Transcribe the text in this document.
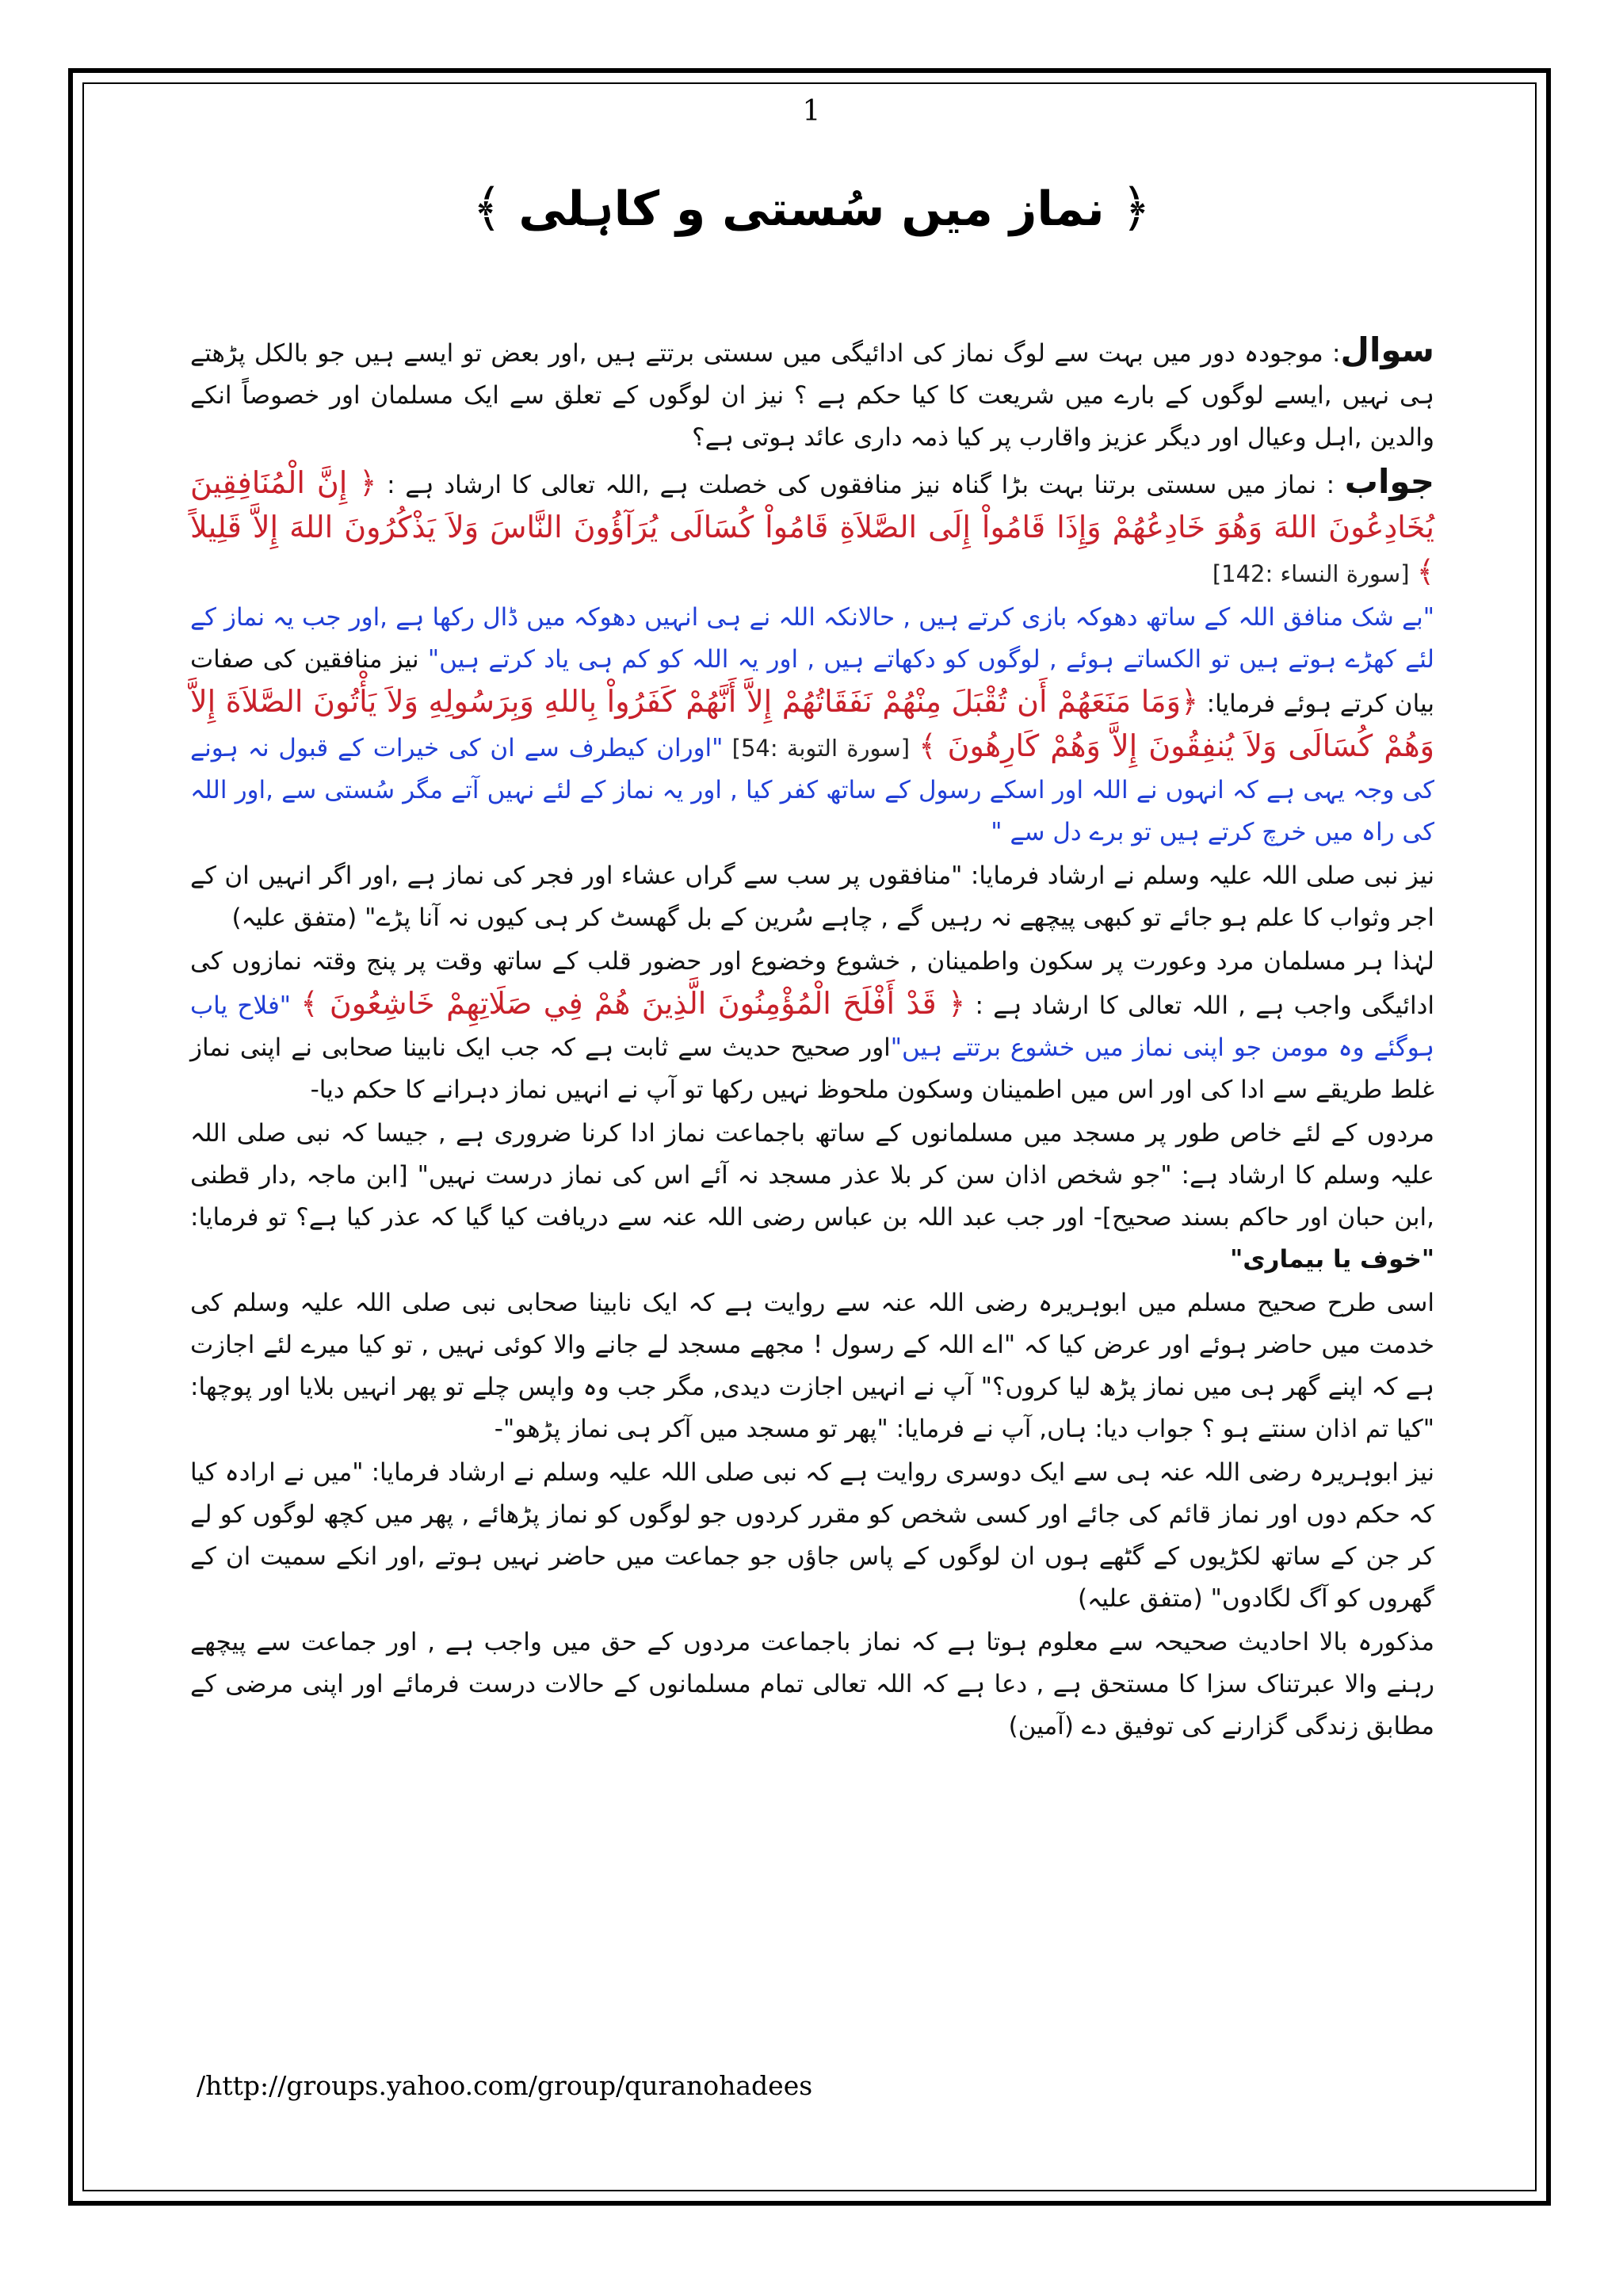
1
﴿ نماز میں سُستی و کاہلی ﴾

سوال: موجودہ دور میں بہت سے لوگ نماز کی ادائیگی میں سستی برتتے ہیں ,اور بعض تو ایسے ہیں جو بالکل پڑھتے ہی نہیں ,ایسے لوگوں کے بارے میں شریعت کا کیا حکم ہے ؟ نیز ان لوگوں کے تعلق سے ایک مسلمان اور خصوصاً انکے والدین ,اہل وعیال اور دیگر عزیز واقارب پر کیا ذمہ داری عائد ہوتی ہے؟

جواب : نماز میں سستی برتنا بہت بڑا گناہ نیز منافقوں کی خصلت ہے ,اللہ تعالی کا ارشاد ہے : ﴿ إِنَّ الْمُنَافِقِينَ يُخَادِعُونَ اللهَ وَهُوَ خَادِعُهُمْ وَإِذَا قَامُواْ إِلَى الصَّلاَةِ قَامُواْ كُسَالَى يُرَآؤُونَ النَّاسَ وَلاَ يَذْكُرُونَ اللهَ إِلاَّ قَلِيلاً ﴾ [سورة النساء :142]

"بے شک منافق اللہ کے ساتھ دھوکہ بازی کرتے ہیں , حالانکہ اللہ نے ہی انہیں دھوکہ میں ڈال رکھا ہے ,اور جب یہ نماز کے لئے کھڑے ہوتے ہیں تو الکساتے ہوئے , لوگوں کو دکھاتے ہیں , اور یہ اللہ کو کم ہی یاد کرتے ہیں" نیز منافقین کی صفات بیان کرتے ہوئے فرمایا: ﴿وَمَا مَنَعَهُمْ أَن تُقْبَلَ مِنْهُمْ نَفَقَاتُهُمْ إِلاَّ أَنَّهُمْ كَفَرُواْ بِاللهِ وَبِرَسُولِهِ وَلاَ يَأْتُونَ الصَّلاَةَ إِلاَّ وَهُمْ كُسَالَى وَلاَ يُنفِقُونَ إِلاَّ وَهُمْ كَارِهُونَ ﴾ [سورة التوبة :54] "اوران کیطرف سے ان کی خیرات کے قبول نہ ہونے کی وجہ یہی ہے کہ انہوں نے اللہ اور اسکے رسول کے ساتھ کفر کیا , اور یہ نماز کے لئے نہیں آتے مگر سُستی سے ,اور اللہ کی راہ میں خرچ کرتے ہیں تو برے دل سے "

نیز نبی صلی اللہ علیہ وسلم نے ارشاد فرمایا: "منافقوں پر سب سے گراں عشاء اور فجر کی نماز ہے ,اور اگر انہیں ان کے اجر وثواب کا علم ہو جائے تو کبھی پیچھے نہ رہیں گے , چاہے سُرین کے بل گھسٹ کر ہی کیوں نہ آنا پڑے" (متفق علیہ)

لہٰذا ہر مسلمان مرد وعورت پر سکون واطمینان , خشوع وخضوع اور حضور قلب کے ساتھ وقت پر پنج وقتہ نمازوں کی ادائیگی واجب ہے , اللہ تعالی کا ارشاد ہے : ﴿ قَدْ أَفْلَحَ الْمُؤْمِنُونَ الَّذِينَ هُمْ فِي صَلَاتِهِمْ خَاشِعُونَ ﴾ "فلاح یاب ہوگئے وہ مومن جو اپنی نماز میں خشوع برتتے ہیں"اور صحیح حدیث سے ثابت ہے کہ جب ایک نابینا صحابی نے اپنی نماز غلط طریقے سے ادا کی اور اس میں اطمینان وسکون ملحوظ نہیں رکھا تو آپ نے انہیں نماز دہرانے کا حکم دیا-

مردوں کے لئے خاص طور پر مسجد میں مسلمانوں کے ساتھ باجماعت نماز ادا کرنا ضروری ہے , جیسا کہ نبی صلی اللہ علیہ وسلم کا ارشاد ہے: "جو شخص اذان سن کر بلا عذر مسجد نہ آئے اس کی نماز درست نہیں" [ابن ماجہ ,دار قطنی ,ابن حبان اور حاکم بسند صحیح]- اور جب عبد اللہ بن عباس رضی اللہ عنہ سے دریافت کیا گیا کہ عذر کیا ہے؟ تو فرمایا: "خوف یا بیماری"

اسی طرح صحیح مسلم میں ابوہریرہ رضی اللہ عنہ سے روایت ہے کہ ایک نابینا صحابی نبی صلی اللہ علیہ وسلم کی خدمت میں حاضر ہوئے اور عرض کیا کہ "اے اللہ کے رسول ! مجھے مسجد لے جانے والا کوئی نہیں , تو کیا میرے لئے اجازت ہے کہ اپنے گھر ہی میں نماز پڑھ لیا کروں؟" آپ نے انہیں اجازت دیدی, مگر جب وہ واپس چلے تو پھر انہیں بلایا اور پوچھا: "کیا تم اذان سنتے ہو ؟ جواب دیا: ہاں, آپ نے فرمایا: "پھر تو مسجد میں آکر ہی نماز پڑھو"-

نیز ابوہریرہ رضی اللہ عنہ ہی سے ایک دوسری روایت ہے کہ نبی صلی اللہ علیہ وسلم نے ارشاد فرمایا: "میں نے ارادہ کیا کہ حکم دوں اور نماز قائم کی جائے اور کسی شخص کو مقرر کردوں جو لوگوں کو نماز پڑھائے , پھر میں کچھ لوگوں کو لے کر جن کے ساتھ لکڑیوں کے گٹھے ہوں ان لوگوں کے پاس جاؤں جو جماعت میں حاضر نہیں ہوتے ,اور انکے سمیت ان کے گھروں کو آگ لگادوں" (متفق علیہ)

مذکورہ بالا احادیث صحیحہ سے معلوم ہوتا ہے کہ نماز باجماعت مردوں کے حق میں واجب ہے , اور جماعت سے پیچھے رہنے والا عبرتناک سزا کا مستحق ہے , دعا ہے کہ اللہ تعالی تمام مسلمانوں کے حالات درست فرمائے اور اپنی مرضی کے مطابق زندگی گزارنے کی توفیق دے (آمین)

/http://groups.yahoo.com/group/quranohadees
